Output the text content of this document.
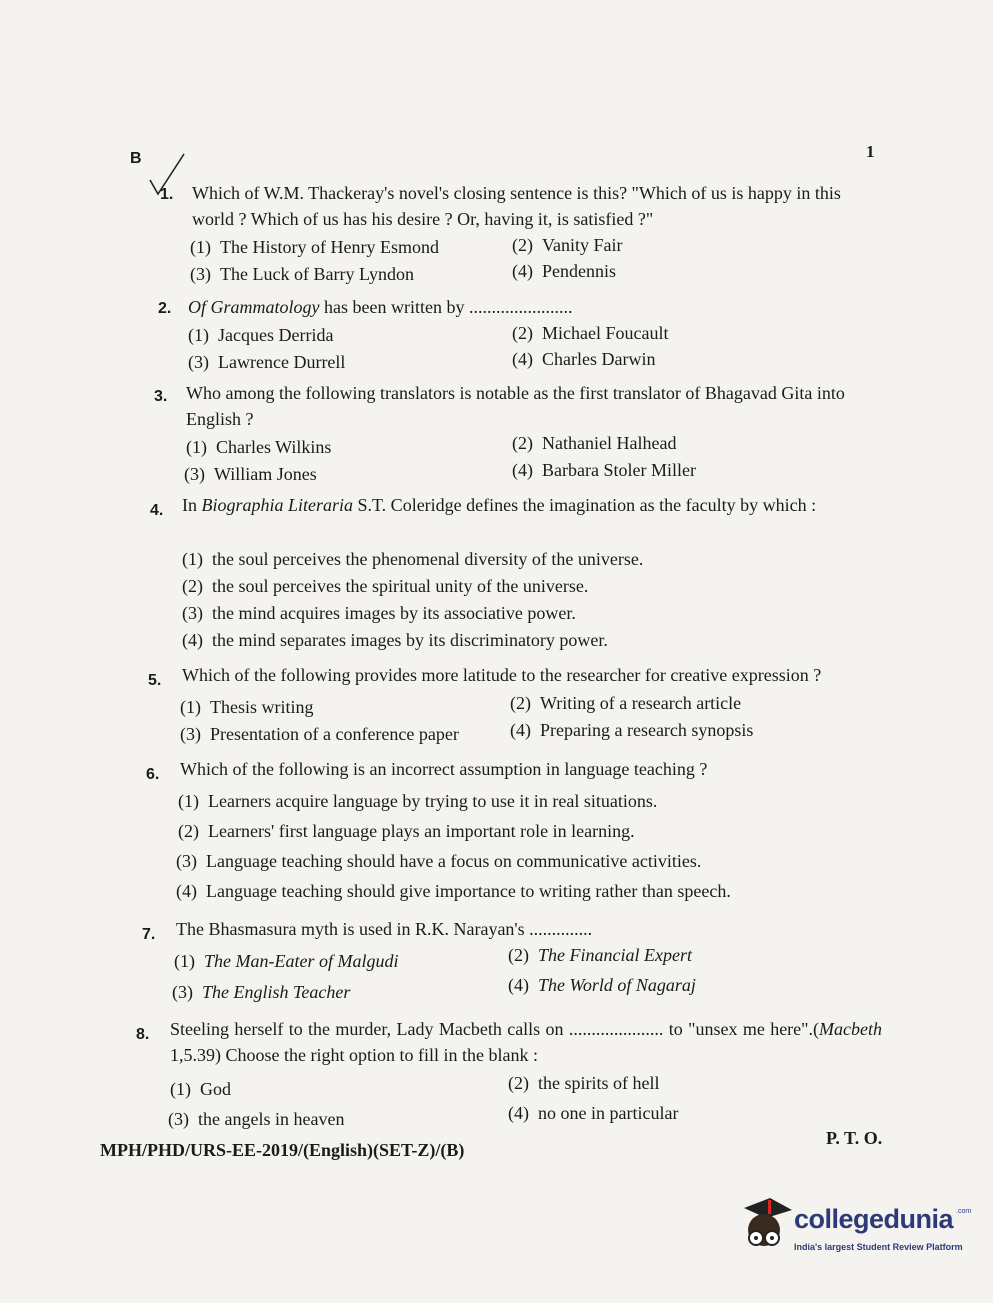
B	1
1. Which of W.M. Thackeray's novel's closing sentence is this? "Which of us is happy in this world ? Which of us has his desire ? Or, having it, is satisfied ?"
(1) The History of Henry Esmond	(2) Vanity Fair
(3) The Luck of Barry Lyndon	(4) Pendennis
2. Of Grammatology has been written by .......................
(1) Jacques Derrida	(2) Michael Foucault
(3) Lawrence Durrell	(4) Charles Darwin
3. Who among the following translators is notable as the first translator of Bhagavad Gita into English ?
(1) Charles Wilkins	(2) Nathaniel Halhead
(3) William Jones	(4) Barbara Stoler Miller
4. In Biographia Literaria S.T. Coleridge defines the imagination as the faculty by which :
(1) the soul perceives the phenomenal diversity of the universe.
(2) the soul perceives the spiritual unity of the universe.
(3) the mind acquires images by its associative power.
(4) the mind separates images by its discriminatory power.
5. Which of the following provides more latitude to the researcher for creative expression ?
(1) Thesis writing	(2) Writing of a research article
(3) Presentation of a conference paper	(4) Preparing a research synopsis
6. Which of the following is an incorrect assumption in language teaching ?
(1) Learners acquire language by trying to use it in real situations.
(2) Learners' first language plays an important role in learning.
(3) Language teaching should have a focus on communicative activities.
(4) Language teaching should give importance to writing rather than speech.
7. The Bhasmasura myth is used in R.K. Narayan's ..............
(1) The Man-Eater of Malgudi	(2) The Financial Expert
(3) The English Teacher	(4) The World of Nagaraj
8. Steeling herself to the murder, Lady Macbeth calls on ..................... to "unsex me here".(Macbeth 1,5.39) Choose the right option to fill in the blank :
(1) God	(2) the spirits of hell
(3) the angels in heaven	(4) no one in particular
MPH/PHD/URS-EE-2019/(English)(SET-Z)/(B)
P. T. O.
collegedunia .com
India's largest Student Review Platform
